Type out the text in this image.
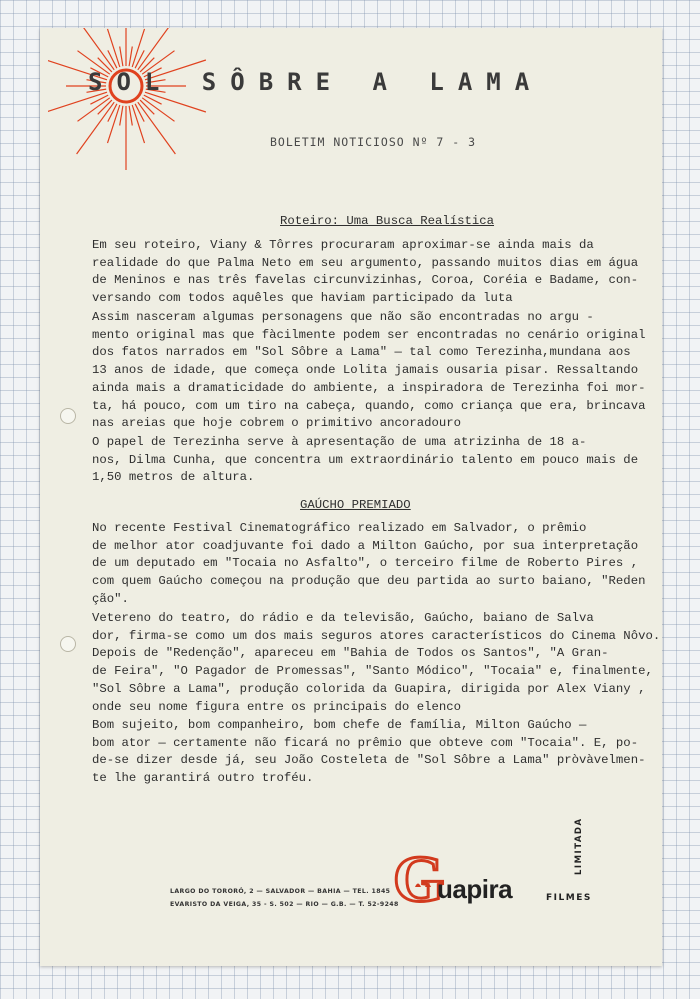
SOL SÔBRE A LAMA
BOLETIM NOTICIOSO Nº 7 - 3
Roteiro: Uma Busca Realística
Em seu roteiro, Viany & Tôrres procuraram aproximar-se ainda mais da
realidade do que Palma Neto em seu argumento, passando muitos dias em água
de Meninos e nas três favelas circunvizinhas, Coroa, Coréia e Badame, con-
versando com todos aquêles que haviam participado da luta
Assim nasceram algumas personagens que não são encontradas no argu -
mento original mas que fàcilmente podem ser encontradas no cenário original
dos fatos narrados em "Sol Sôbre a Lama" — tal como Terezinha,mundana aos
13 anos de idade, que começa onde Lolita jamais ousaria pisar. Ressaltando
ainda mais a dramaticidade do ambiente, a inspiradora de Terezinha foi mor-
ta, há pouco, com um tiro na cabeça, quando, como criança que era, brincava
nas areias que hoje cobrem o primitivo ancoradouro
O papel de Terezinha serve à apresentação de uma atrizinha de 18 a-
nos, Dilma Cunha, que concentra um extraordinário talento em pouco mais de
1,50 metros de altura.
GAÚCHO PREMIADO
No recente Festival Cinematográfico realizado em Salvador, o prêmio
de melhor ator coadjuvante foi dado a Milton Gaúcho, por sua interpretação
de um deputado em "Tocaia no Asfalto", o terceiro filme de Roberto Pires ,
com quem Gaúcho começou na produção que deu partida ao surto baiano, "Reden
ção".
Vetereno do teatro, do rádio e da televisão, Gaúcho, baiano de Salva
dor, firma-se como um dos mais seguros atores característicos do Cinema Nôvo.
Depois de "Redenção", apareceu em "Bahia de Todos os Santos", "A Gran-
de Feira", "O Pagador de Promessas", "Santo Módico", "Tocaia" e, finalmente,
"Sol Sôbre a Lama", produção colorida da Guapira, dirigida por Alex Viany ,
onde seu nome figura entre os principais do elenco
Bom sujeito, bom companheiro, bom chefe de família, Milton Gaúcho —
bom ator — certamente não ficará no prêmio que obteve com "Tocaia". E, po-
de-se dizer desde já, seu João Costeleta de "Sol Sôbre a Lama" pròvàvelmen-
te lhe garantirá outro troféu.
LARGO DO TORORÓ, 2 — SALVADOR — BAHIA — TEL. 1845
EVARISTO DA VEIGA, 35 - S. 502 — RIO — G.B. — T. 52-9248
G
uapira	FILMES
LIMITADA
